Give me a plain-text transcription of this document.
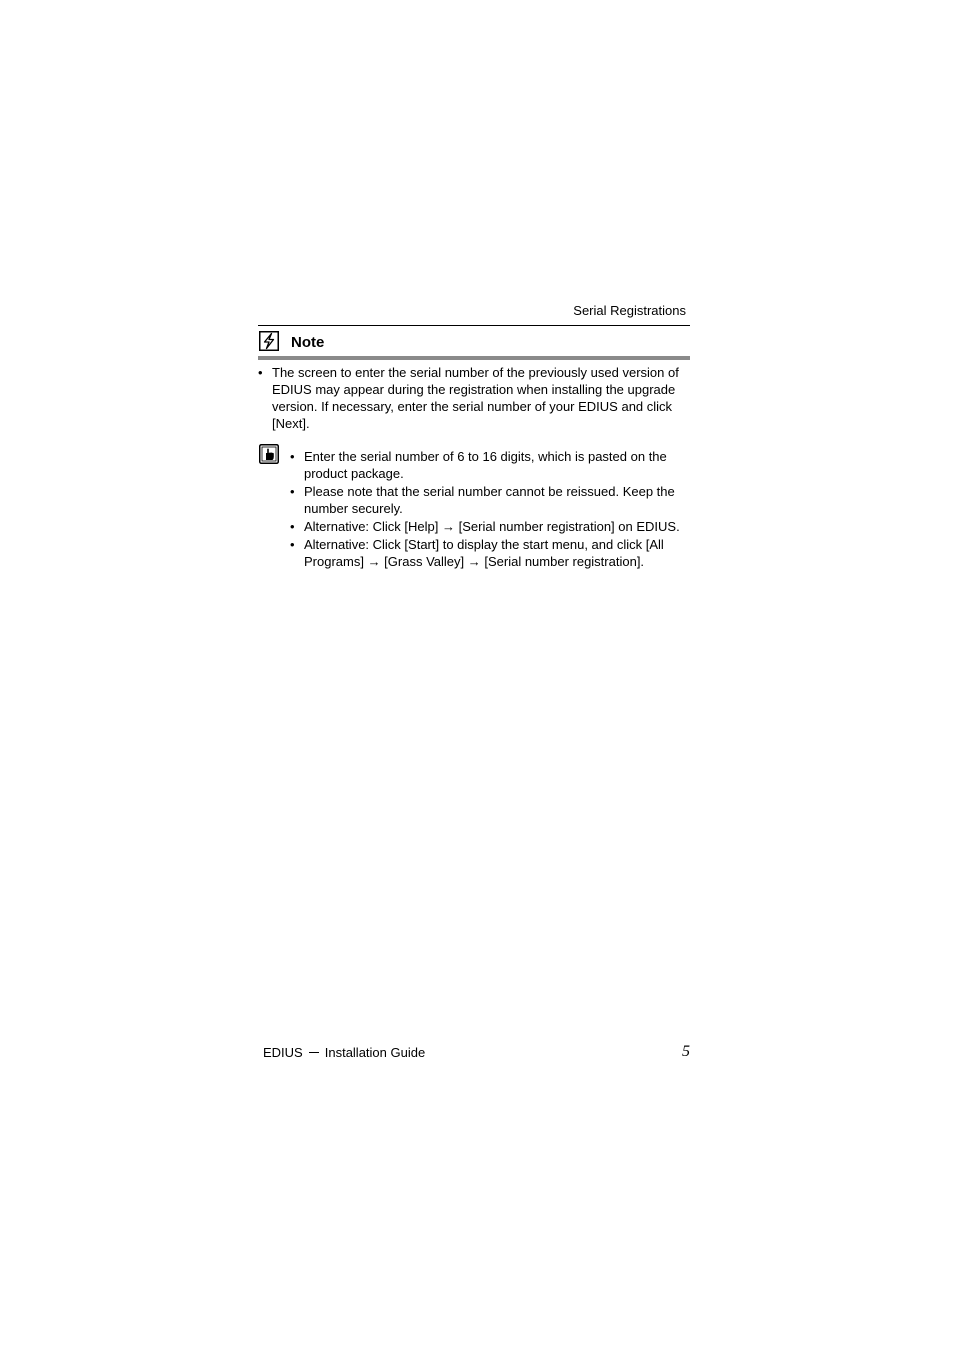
Serial Registrations
Note
• The screen to enter the serial number of the previously used version of EDIUS may appear during the registration when installing the upgrade version. If necessary, enter the serial number of your EDIUS and click [Next].
• Enter the serial number of 6 to 16 digits, which is pasted on the product package.
• Please note that the serial number cannot be reissued. Keep the number securely.
• Alternative: Click [Help] → [Serial number registration] on EDIUS.
• Alternative: Click [Start] to display the start menu, and click [All Programs] → [Grass Valley] → [Serial number registration].
EDIUS Installation Guide	5
